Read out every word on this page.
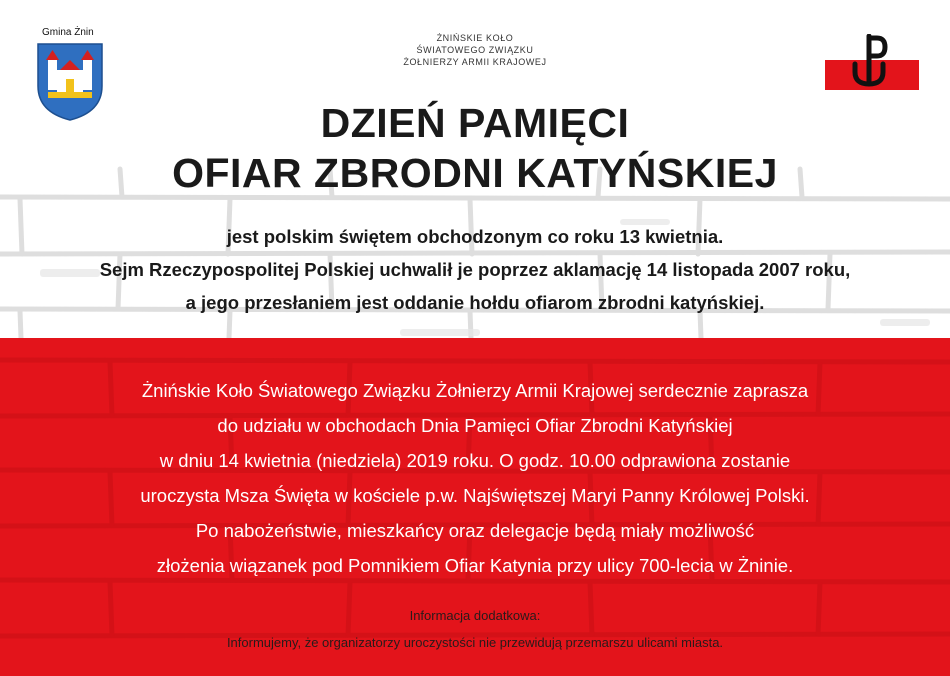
Gmina Żnin	ŻNIŃSKIE KOŁO
ŚWIATOWEGO ZWIĄZKU
ŻOŁNIERZY ARMII KRAJOWEJ
DZIEŃ PAMIĘCI
OFIAR ZBRODNI KATYŃSKIEJ
jest polskim świętem obchodzonym co roku 13 kwietnia.
Sejm Rzeczypospolitej Polskiej uchwalił je poprzez aklamację 14 listopada 2007 roku,
a jego przesłaniem jest oddanie hołdu ofiarom zbrodni katyńskiej.
Żnińskie Koło Światowego Związku Żołnierzy Armii Krajowej serdecznie zaprasza
do udziału w obchodach Dnia Pamięci Ofiar Zbrodni Katyńskiej
w dniu 14 kwietnia (niedziela) 2019 roku. O godz. 10.00 odprawiona zostanie
uroczysta Msza Święta w kościele p.w. Najświętszej Maryi Panny Królowej Polski.
Po nabożeństwie, mieszkańcy oraz delegacje będą miały możliwość
złożenia wiązanek pod Pomnikiem Ofiar Katynia przy ulicy 700-lecia w Żninie.
Informacja dodatkowa:
Informujemy, że organizatorzy uroczystości nie przewidują przemarszu ulicami miasta.
